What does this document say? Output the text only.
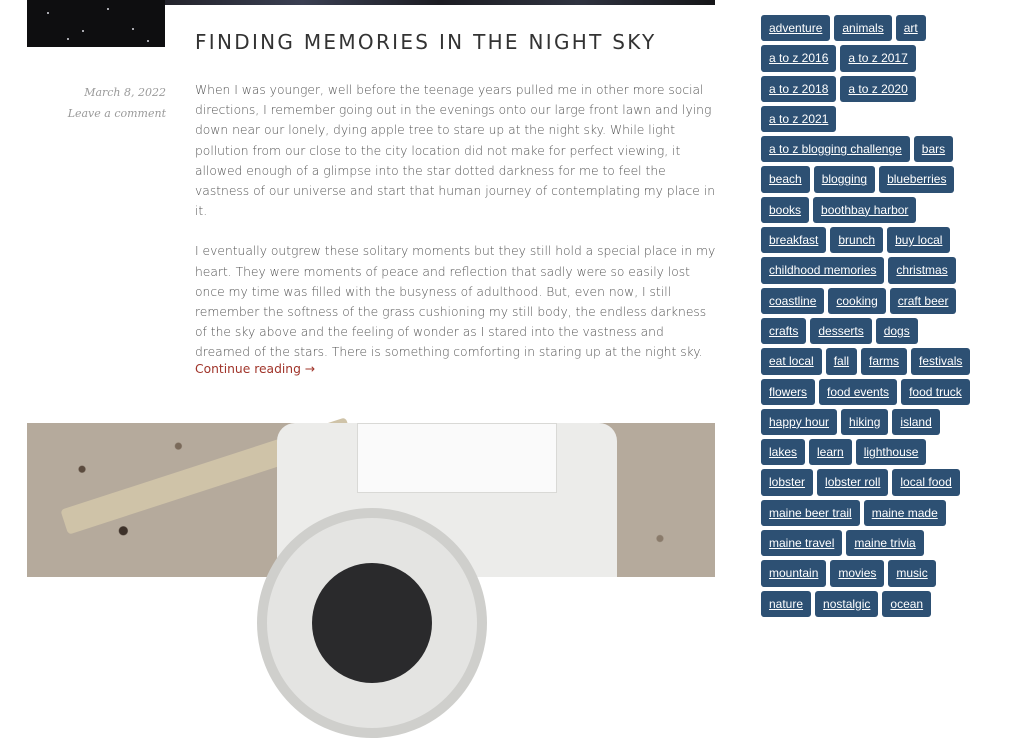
FINDING MEMORIES IN THE NIGHT SKY
March 8, 2022
Leave a comment

When I was younger, well before the teenage years pulled me in other more social directions, I remember going out in the evenings onto our large front lawn and lying down near our lonely, dying apple tree to stare up at the night sky. While light pollution from our close to the city location did not make for perfect viewing, it allowed enough of a glimpse into the star dotted darkness for me to feel the vastness of our universe and start that human journey of contemplating my place in it.

I eventually outgrew these solitary moments but they still hold a special place in my heart. They were moments of peace and reflection that sadly were so easily lost once my time was filled with the busyness of adulthood. But, even now, I still remember the softness of the grass cushioning my still body, the endless darkness of the sky above and the feeling of wonder as I stared into the vastness and dreamed of the stars. There is something comforting in staring up at the night sky.

Continue reading →
adventure	animals	art
a to z 2016	a to z 2017
a to z 2018	a to z 2020
a to z 2021
a to z blogging challenge	bars
beach	blogging	blueberries
books	boothbay harbor
breakfast	brunch	buy local
childhood memories	christmas
coastline	cooking	craft beer
crafts	desserts	dogs
eat local	fall	farms	festivals
flowers	food events	food truck
happy hour	hiking	island
lakes	learn	lighthouse
lobster	lobster roll	local food
maine beer trail	maine made
maine travel	maine trivia
mountain	movies	music
nature	nostalgic	ocean
